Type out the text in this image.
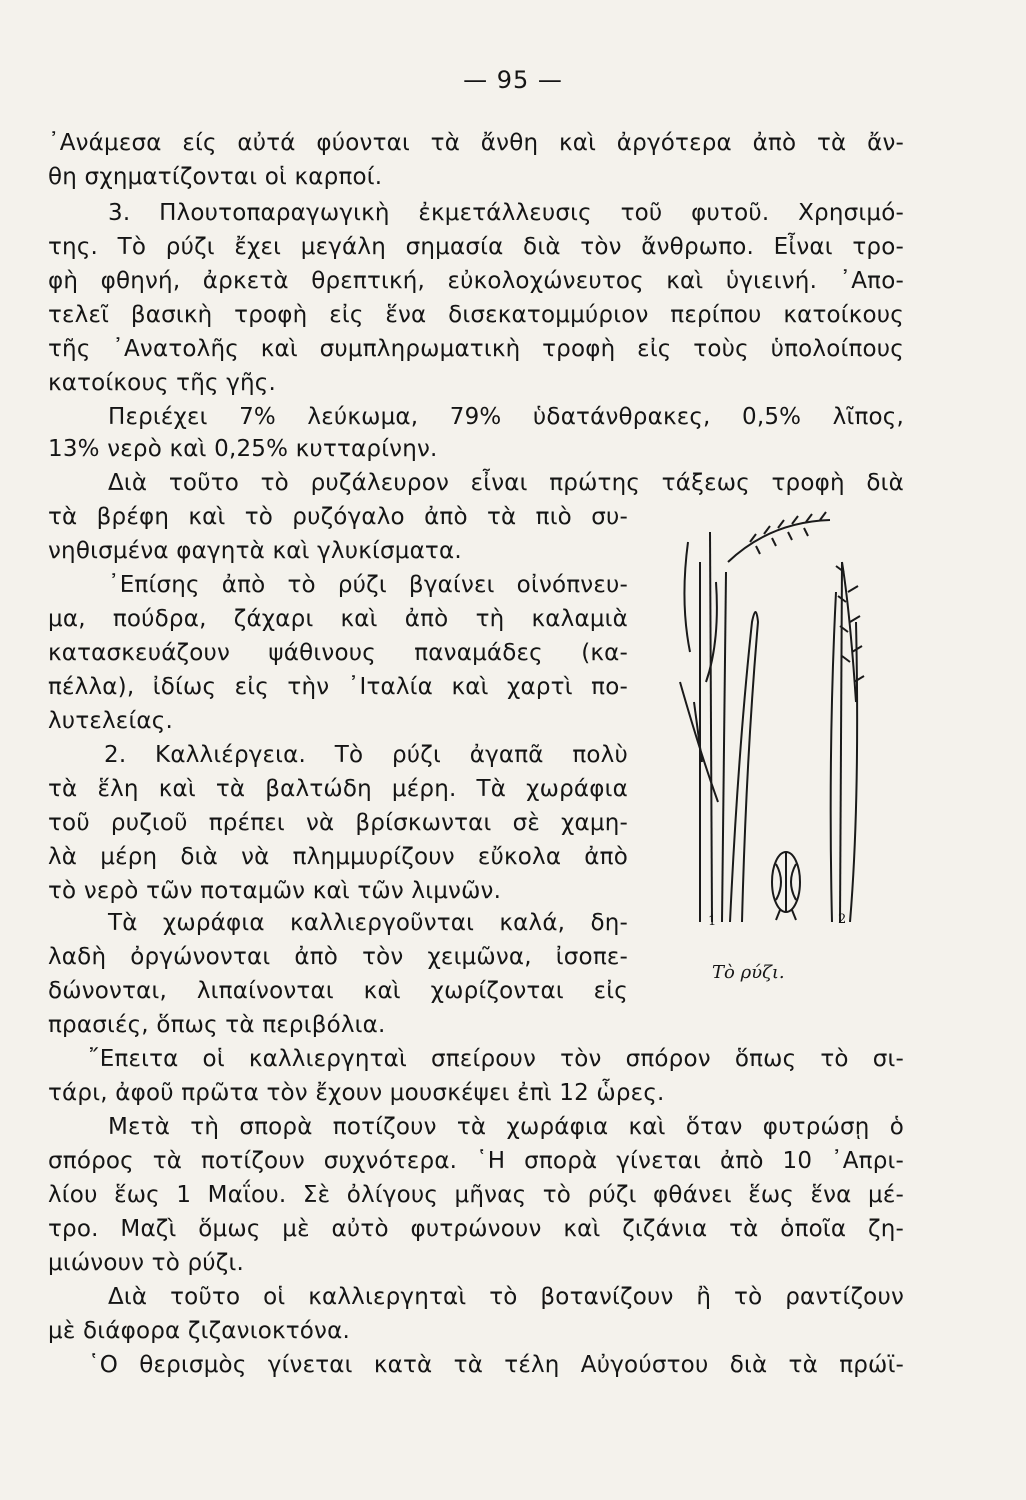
— 95 —
᾿Ανάμεσα είς αὐτά φύονται τὰ ἄνθη καὶ ἀργότερα ἀπὸ τὰ ἄν-
θη σχηματίζονται οἱ καρποί.
3. Πλουτοπαραγωγικὴ ἐκμετάλλευσις τοῦ φυτοῦ. Χρησιμό-
της. Τὸ ρύζι ἔχει μεγάλη σημασία διὰ τὸν ἄνθρωπο. Εἶναι τρο-
φὴ φθηνή, ἀρκετὰ θρεπτική, εὐκολοχώνευτος καὶ ὑγιεινή. ᾿Απο-
τελεῖ βασικὴ τροφὴ εἰς ἕνα δισεκατομμύριον περίπου κατοίκους
τῆς ᾿Ανατολῆς καὶ συμπληρωματικὴ τροφὴ εἰς τοὺς ὑπολοίπους
κατοίκους τῆς γῆς.
Περιέχει 7% λεύκωμα, 79% ὑδατάνθρακες, 0,5% λῖπος,
13% νερὸ καὶ 0,25% κυτταρίνην.
Διὰ τοῦτο τὸ ρυζάλευρον εἶναι πρώτης τάξεως τροφὴ διὰ
τὰ βρέφη καὶ τὸ ρυζόγαλο ἀπὸ τὰ πιὸ συ-
νηθισμένα φαγητὰ καὶ γλυκίσματα.
᾿Επίσης ἀπὸ τὸ ρύζι βγαίνει οἰνόπνευ-
μα, πούδρα, ζάχαρι καὶ ἀπὸ τὴ καλαμιὰ
κατασκευάζουν ψάθινους παναμάδες (κα-
πέλλα), ἰδίως εἰς τὴν ᾿Ιταλία καὶ χαρτὶ πο-
λυτελείας.
2. Καλλιέργεια. Τὸ ρύζι ἀγαπᾶ πολὺ
τὰ ἕλη καὶ τὰ βαλτώδη μέρη. Τὰ χωράφια
τοῦ ρυζιοῦ πρέπει νὰ βρίσκωνται σὲ χαμη-
λὰ μέρη διὰ νὰ πλημμυρίζουν εὔκολα ἀπὸ
τὸ νερὸ τῶν ποταμῶν καὶ τῶν λιμνῶν.
Τὰ χωράφια καλλιεργοῦνται καλά, δη-
λαδὴ ὀργώνονται ἀπὸ τὸν χειμῶνα, ἰσοπε-
δώνονται, λιπαίνονται καὶ χωρίζονται εἰς
πρασιές, ὅπως τὰ περιβόλια.
῎Επειτα οἱ καλλιεργηταὶ σπείρουν τὸν σπόρον ὅπως τὸ σι-
τάρι, ἀφοῦ πρῶτα τὸν ἔχουν μουσκέψει ἐπὶ 12 ὧρες.
Μετὰ τὴ σπορὰ ποτίζουν τὰ χωράφια καὶ ὅταν φυτρώσῃ ὁ
σπόρος τὰ ποτίζουν συχνότερα. ῾Η σπορὰ γίνεται ἀπὸ 10 ᾿Απρι-
λίου ἕως 1 Μαΐου. Σὲ ὀλίγους μῆνας τὸ ρύζι φθάνει ἕως ἕνα μέ-
τρο. Μαζὶ ὅμως μὲ αὐτὸ φυτρώνουν καὶ ζιζάνια τὰ ὁποῖα ζη-
μιώνουν τὸ ρύζι.
Διὰ τοῦτο οἱ καλλιεργηταὶ τὸ βοτανίζουν ἢ τὸ ραντίζουν
μὲ διάφορα ζιζανιοκτόνα.
῾Ο θερισμὸς γίνεται κατὰ τὰ τέλη Αὐγούστου διὰ τὰ πρώϊ-
1	2
Τὸ ρύζι.
